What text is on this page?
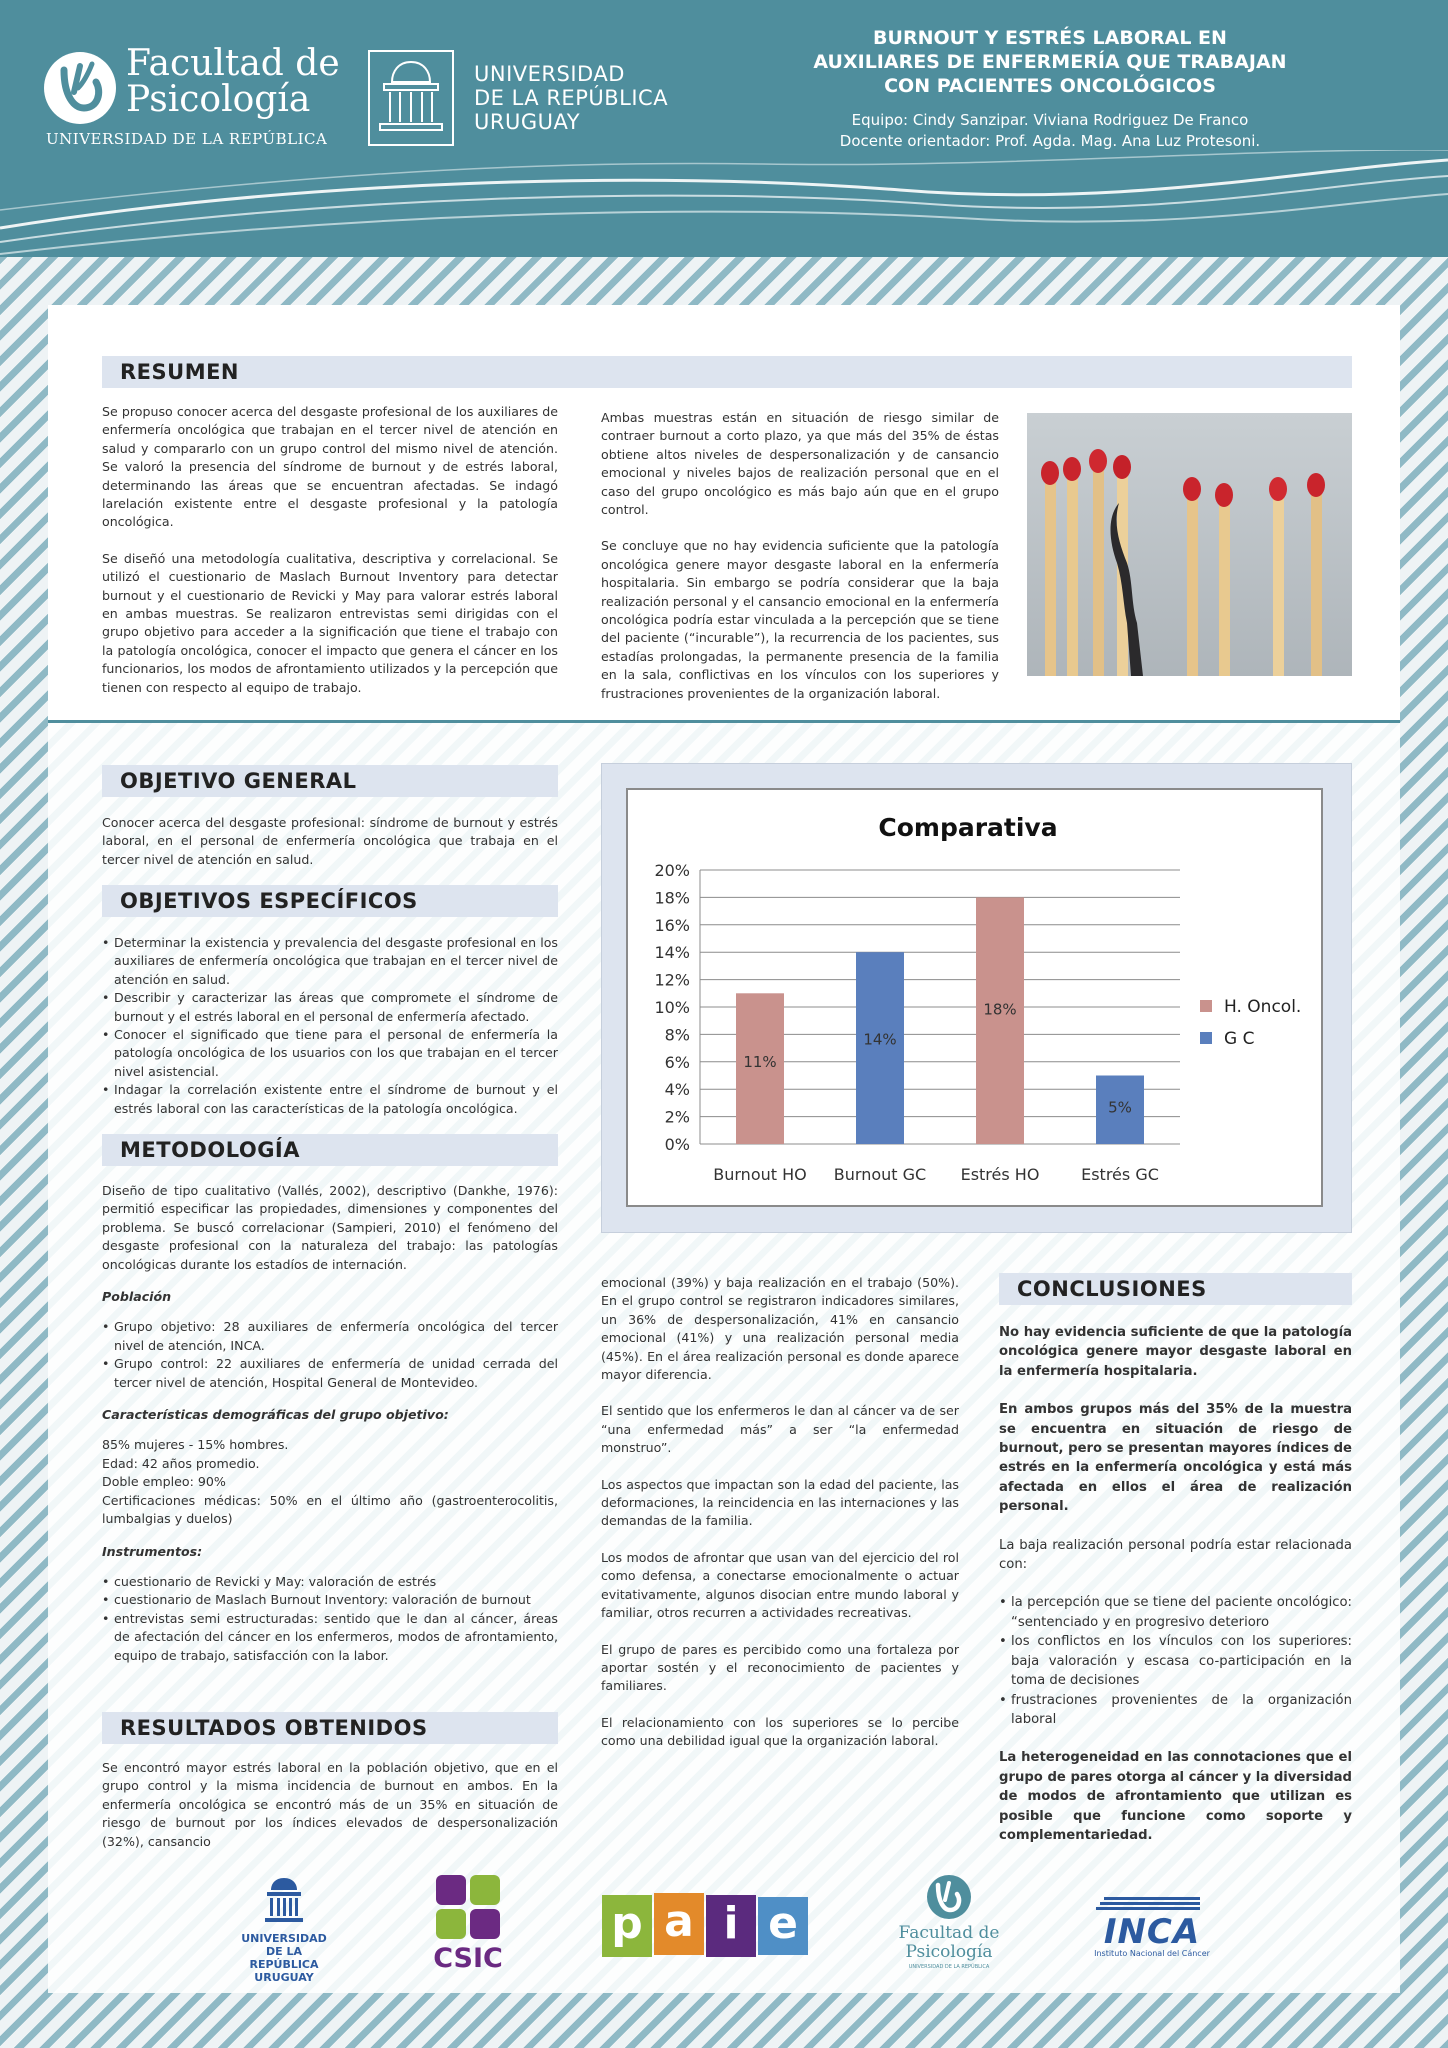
Facultad de
Psicología
UNIVERSIDAD DE LA REPÚBLICA
UNIVERSIDAD
DE LA REPÚBLICA
URUGUAY
BURNOUT Y ESTRÉS LABORAL EN
AUXILIARES DE ENFERMERÍA QUE TRABAJAN
CON PACIENTES ONCOLÓGICOS
Equipo: Cindy Sanzipar. Viviana Rodriguez De Franco
Docente orientador: Prof. Agda. Mag. Ana Luz Protesoni.
RESUMEN

Se propuso conocer acerca del desgaste profesional de los auxiliares de enfermería oncológica que trabajan en el tercer nivel de atención en salud y compararlo con un grupo control del mismo nivel de atención. Se valoró la presencia del síndrome de burnout y de estrés laboral, determinando las áreas que se encuentran afectadas. Se indagó larelación existente entre el desgaste profesional y la patología oncológica.

Se diseñó una metodología cualitativa, descriptiva y correlacional. Se utilizó el cuestionario de Maslach Burnout Inventory para detectar burnout y el cuestionario de Revicki y May para valorar estrés laboral en ambas muestras. Se realizaron entrevistas semi dirigidas con el grupo objetivo para acceder a la significación que tiene el trabajo con la patología oncológica, conocer el impacto que genera el cáncer en los funcionarios, los modos de afrontamiento utilizados y la percepción que tienen con respecto al equipo de trabajo.

Ambas muestras están en situación de riesgo similar de contraer burnout a corto plazo, ya que más del 35% de éstas obtiene altos niveles de despersonalización y de cansancio emocional y niveles bajos de realización personal que en el caso del grupo oncológico es más bajo aún que en el grupo control.

Se concluye que no hay evidencia suficiente que la patología oncológica genere mayor desgaste laboral en la enfermería hospitalaria. Sin embargo se podría considerar que la baja realización personal y el cansancio emocional en la enfermería oncológica podría estar vinculada a la percepción que se tiene del paciente (“incurable”), la recurrencia de los pacientes, sus estadías prolongadas, la permanente presencia de la familia en la sala, conflictivas en los vínculos con los superiores y frustraciones provenientes de la organización laboral.

OBJETIVO GENERAL
Conocer acerca del desgaste profesional: síndrome de burnout y estrés laboral, en el personal de enfermería oncológica que trabaja en el tercer nivel de atención en salud.
OBJETIVOS ESPECÍFICOS
• Determinar la existencia y prevalencia del desgaste profesional en los auxiliares de enfermería oncológica que trabajan en el tercer nivel de atención en salud.
• Describir y caracterizar las áreas que compromete el síndrome de burnout y el estrés laboral en el personal de enfermería afectado.
• Conocer el significado que tiene para el personal de enfermería la patología oncológica de los usuarios con los que trabajan en el tercer nivel asistencial.
• Indagar la correlación existente entre el síndrome de burnout y el estrés laboral con las características de la patología oncológica.
METODOLOGÍA

Diseño de tipo cualitativo (Vallés, 2002), descriptivo (Dankhe, 1976): permitió especificar las propiedades, dimensiones y componentes del problema. Se buscó correlacionar (Sampieri, 2010) el fenómeno del desgaste profesional con la naturaleza del trabajo: las patologías oncológicas durante los estadíos de internación.

Población
• Grupo objetivo: 28 auxiliares de enfermería oncológica del tercer nivel de atención, INCA.
• Grupo control: 22 auxiliares de enfermería de unidad cerrada del tercer nivel de atención, Hospital General de Montevideo.
Características demográficas del grupo objetivo:
85% mujeres - 15% hombres.
Edad: 42 años promedio.
Doble empleo: 90%
Certificaciones médicas: 50% en el último año (gastroenterocolitis, lumbalgias y duelos)
Instrumentos:
• cuestionario de Revicki y May: valoración de estrés
• cuestionario de Maslach Burnout Inventory: valoración de burnout
• entrevistas semi estructuradas: sentido que le dan al cáncer, áreas de afectación del cáncer en los enfermeros, modos de afrontamiento, equipo de trabajo, satisfacción con la labor.
RESULTADOS OBTENIDOS
Se encontró mayor estrés laboral en la población objetivo, que en el grupo control y la misma incidencia de burnout en ambos. En la enfermería oncológica se encontró más de un 35% en situación de riesgo de burnout por los índices elevados de despersonalización (32%), cansancio

emocional (39%) y baja realización en el trabajo (50%). En el grupo control se registraron indicadores similares, un 36% de despersonalización, 41% en cansancio emocional (41%) y una realización personal media (45%). En el área realización personal es donde aparece mayor diferencia.

El sentido que los enfermeros le dan al cáncer va de ser “una enfermedad más” a ser “la enfermedad monstruo”.

Los aspectos que impactan son la edad del paciente, las deformaciones, la reincidencia en las internaciones y las demandas de la familia.

Los modos de afrontar que usan van del ejercicio del rol como defensa, a conectarse emocionalmente o actuar evitativamente, algunos disocian entre mundo laboral y familiar, otros recurren a actividades recreativas.

El grupo de pares es percibido como una fortaleza por aportar sostén y el reconocimiento de pacientes y familiares.

El relacionamiento con los superiores se lo percibe como una debilidad igual que la organización laboral.

CONCLUSIONES

No hay evidencia suficiente de que la patología oncológica genere mayor desgaste laboral en la enfermería hospitalaria.

En ambos grupos más del 35% de la muestra se encuentra en situación de riesgo de burnout, pero se presentan mayores índices de estrés en la enfermería oncológica y está más afectada en ellos el área de realización personal.

La baja realización personal podría estar relacionada con:

• la percepción que se tiene del paciente oncológico: “sentenciado y en progresivo deterioro
• los conflictos en los vínculos con los superiores: baja valoración y escasa co-participación en la toma de decisiones
• frustraciones provenientes de la organización laboral

La heterogeneidad en las connotaciones que el grupo de pares otorga al cáncer y la diversidad de modos de afrontamiento que utilizan es posible que funcione como soporte y complementariedad.

Comparativa
0%
2%
4%
6%
8%
10%
12%
14%
16%
18%
20%
11%
14%
18%
5%
Burnout HO Burnout GC Estrés HO	Estrés GC
H. Oncol.
G C
UNIVERSIDAD
DE LA REPÚBLICA
URUGUAY
CSIC
p a i e	Facultad de
Psicología
UNIVERSIDAD DE LA REPÚBLICA
INCA
Instituto Nacional del Cáncer
